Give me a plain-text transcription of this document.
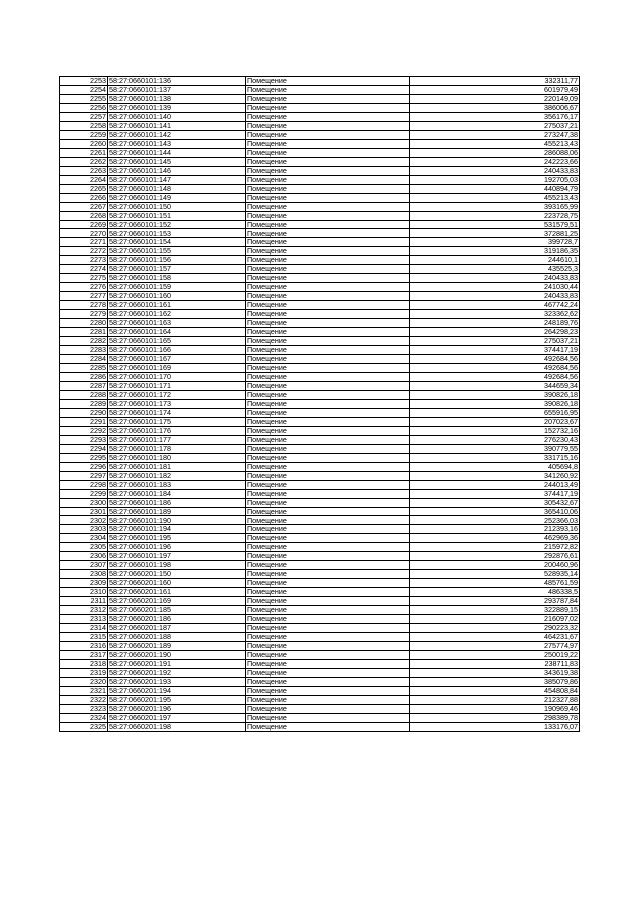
2253	58:27:0660101:136	Помещение	332311,77
2254	58:27:0660101:137	Помещение	601979,49
2255	58:27:0660101:138	Помещение	220149,09
2256	58:27:0660101:139	Помещение	386006,67
2257	58:27:0660101:140	Помещение	356176,17
2258	58:27:0660101:141	Помещение	275037,21
2259	58:27:0660101:142	Помещение	273247,38
2260	58:27:0660101:143	Помещение	455213,43
2261	58:27:0660101:144	Помещение	286088,06
2262	58:27:0660101:145	Помещение	242223,66
2263	58:27:0660101:146	Помещение	240433,83
2264	58:27:0660101:147	Помещение	192705,03
2265	58:27:0660101:148	Помещение	440894,79
2266	58:27:0660101:149	Помещение	455213,43
2267	58:27:0660101:150	Помещение	393165,99
2268	58:27:0660101:151	Помещение	223728,75
2269	58:27:0660101:152	Помещение	531579,51
2270	58:27:0660101:153	Помещение	372881,25
2271	58:27:0660101:154	Помещение	399728,7
2272	58:27:0660101:155	Помещение	319186,35
2273	58:27:0660101:156	Помещение	244610,1
2274	58:27:0660101:157	Помещение	435525,3
2275	58:27:0660101:158	Помещение	240433,83
2276	58:27:0660101:159	Помещение	241030,44
2277	58:27:0660101:160	Помещение	240433,83
2278	58:27:0660101:161	Помещение	467742,24
2279	58:27:0660101:162	Помещение	323362,62
2280	58:27:0660101:163	Помещение	248189,76
2281	58:27:0660101:164	Помещение	264298,23
2282	58:27:0660101:165	Помещение	275037,21
2283	58:27:0660101:166	Помещение	374417,19
2284	58:27:0660101:167	Помещение	492684,56
2285	58:27:0660101:169	Помещение	492684,56
2286	58:27:0660101:170	Помещение	492684,56
2287	58:27:0660101:171	Помещение	344659,34
2288	58:27:0660101:172	Помещение	390826,18
2289	58:27:0660101:173	Помещение	390826,18
2290	58:27:0660101:174	Помещение	655916,95
2291	58:27:0660101:175	Помещение	207023,67
2292	58:27:0660101:176	Помещение	152732,16
2293	58:27:0660101:177	Помещение	276230,43
2294	58:27:0660101:178	Помещение	390779,55
2295	58:27:0660101:180	Помещение	331715,16
2296	58:27:0660101:181	Помещение	405694,8
2297	58:27:0660101:182	Помещение	341260,92
2298	58:27:0660101:183	Помещение	244013,49
2299	58:27:0660101:184	Помещение	374417,19
2300	58:27:0660101:186	Помещение	305432,67
2301	58:27:0660101:189	Помещение	365410,06
2302	58:27:0660101:190	Помещение	252366,03
2303	58:27:0660101:194	Помещение	212393,16
2304	58:27:0660101:195	Помещение	462969,36
2305	58:27:0660101:196	Помещение	215972,82
2306	58:27:0660101:197	Помещение	292876,61
2307	58:27:0660101:198	Помещение	200460,96
2308	58:27:0660201:150	Помещение	528935,14
2309	58:27:0660201:160	Помещение	485761,59
2310	58:27:0660201:161	Помещение	486338,5
2311	58:27:0660201:169	Помещение	293787,84
2312	58:27:0660201:185	Помещение	322889,15
2313	58:27:0660201:186	Помещение	216097,02
2314	58:27:0660201:187	Помещение	290223,32
2315	58:27:0660201:188	Помещение	464231,67
2316	58:27:0660201:189	Помещение	275774,97
2317	58:27:0660201:190	Помещение	250019,22
2318	58:27:0660201:191	Помещение	238711,83
2319	58:27:0660201:192	Помещение	343619,38
2320	58:27:0660201:193	Помещение	385079,86
2321	58:27:0660201:194	Помещение	454808,84
2322	58:27:0660201:195	Помещение	212327,88
2323	58:27:0660201:196	Помещение	190969,46
2324	58:27:0660201:197	Помещение	298389,78
2325	58:27:0660201:198	Помещение	133176,07
